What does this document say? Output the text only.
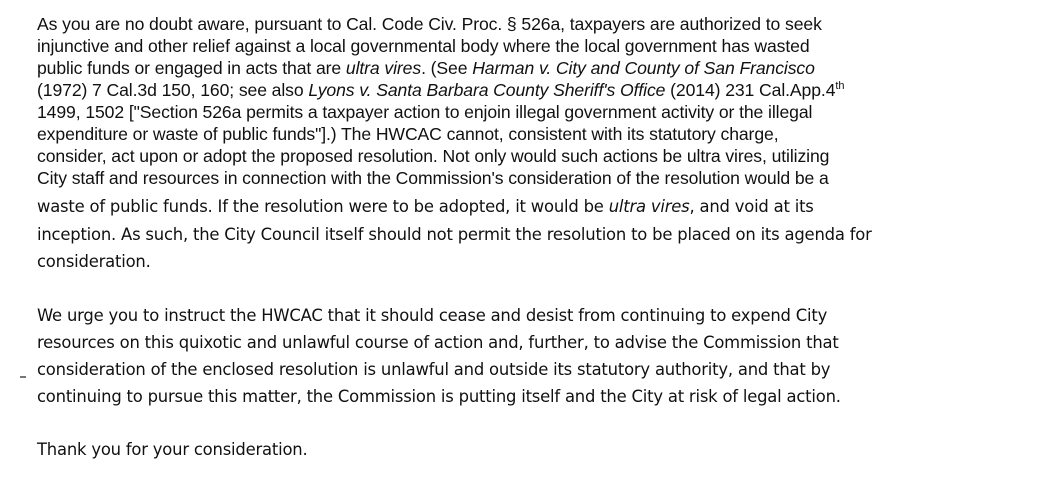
As you are no doubt aware, pursuant to Cal. Code Civ. Proc. § 526a, taxpayers are authorized to seek

injunctive and other relief against a local governmental body where the local government has wasted

public funds or engaged in acts that are ultra vires. (See Harman v. City and County of San Francisco

(1972) 7 Cal.3d 150, 160; see also Lyons v. Santa Barbara County Sheriff's Office (2014) 231 Cal.App.4th

1499, 1502 ["Section 526a permits a taxpayer action to enjoin illegal government activity or the illegal

expenditure or waste of public funds"].) The HWCAC cannot, consistent with its statutory charge,

consider, act upon or adopt the proposed resolution. Not only would such actions be ultra vires, utilizing

City staff and resources in connection with the Commission's consideration of the resolution would be a

waste of public funds. If the resolution were to be adopted, it would be ultra vires, and void at its

inception. As such, the City Council itself should not permit the resolution to be placed on its agenda for

consideration.

We urge you to instruct the HWCAC that it should cease and desist from continuing to expend City

resources on this quixotic and unlawful course of action and, further, to advise the Commission that

consideration of the enclosed resolution is unlawful and outside its statutory authority, and that by

continuing to pursue this matter, the Commission is putting itself and the City at risk of legal action.

Thank you for your consideration.
